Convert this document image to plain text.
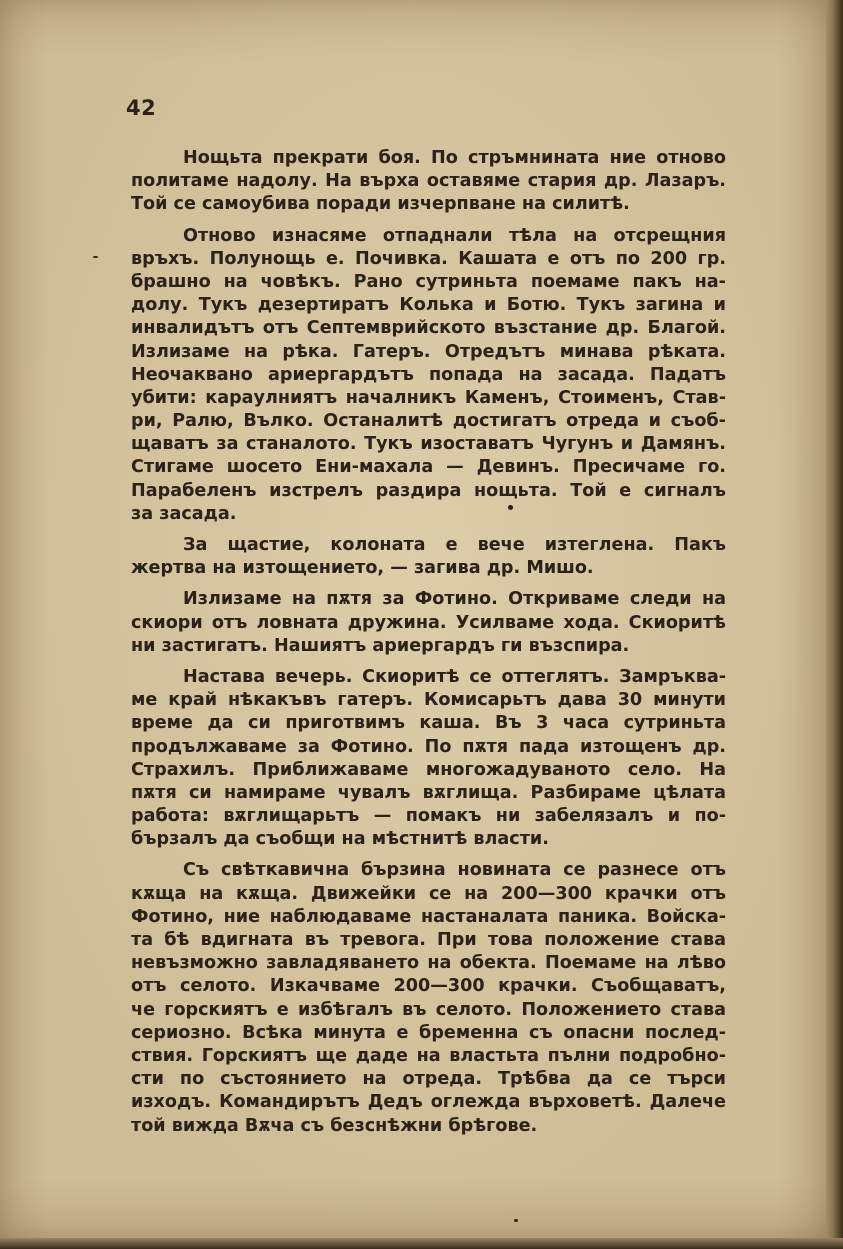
42
Нощьта прекрати боя. По стръмнината ние отново
политаме надолу. На върха оставяме стария др. Лазаръ.
Той се самоубива поради изчерпване на силитѣ.
Отново изнасяме отпаднали тѣла на отсрещния
връхъ. Полунощь е. Почивка. Кашата е отъ по 200 гр.
брашно на човѣкъ. Рано сутриньта поемаме пакъ на-
долу. Тукъ дезертиратъ Колька и Ботю. Тукъ загина и
инвалидътъ отъ Септемврийското възстание др. Благой.
Излизаме на рѣка. Гатеръ. Отредътъ минава рѣката.
Неочаквано ариергардътъ попада на засада. Падатъ
убити: караулниятъ началникъ Каменъ, Стоименъ, Став-
ри, Ралю, Вълко. Останалитѣ достигатъ отреда и съоб-
щаватъ за станалото. Тукъ изоставатъ Чугунъ и Дамянъ.
Стигаме шосето Ени-махала — Девинъ. Пресичаме го.
Парабеленъ изстрелъ раздира нощьта. Той е сигналъ
за засада.
За щастие, колоната е вече изтеглена. Пакъ
жертва на изтощението, — загива др. Мишо.
Излизаме на пѫтя за Фотино. Откриваме следи на
скиори отъ ловната дружина. Усилваме хода. Скиоритѣ
ни застигатъ. Нашиятъ ариергардъ ги възспира.
Настава вечерь. Скиоритѣ се оттеглятъ. Замръква-
ме край нѣкакъвъ гатеръ. Комисарьтъ дава 30 минути
време да си приготвимъ каша. Въ 3 часа сутриньта
продължаваме за Фотино. По пѫтя пада изтощенъ др.
Страхилъ. Приближаваме многожадуваното село. На
пѫтя си намираме чувалъ вѫглища. Разбираме цѣлата
работа: вѫглищарьтъ — помакъ ни забелязалъ и по-
бързалъ да съобщи на мѣстнитѣ власти.
Съ свѣткавична бързина новината се разнесе отъ
кѫща на кѫща. Движейки се на 200—300 крачки отъ
Фотино, ние наблюдаваме настаналата паника. Войска-
та бѣ вдигната въ тревога. При това положение става
невъзможно завладяването на обекта. Поемаме на лѣво
отъ селото. Изкачваме 200—300 крачки. Съобщаватъ,
че горскиятъ е избѣгалъ въ селото. Положението става
сериозно. Всѣка минута е бременна съ опасни послед-
ствия. Горскиятъ ще даде на властьта пълни подробно-
сти по състоянието на отреда. Трѣбва да се търси
изходъ. Командирътъ Дедъ оглежда върховетѣ. Далече
той вижда Вѫча съ безснѣжни брѣгове.
